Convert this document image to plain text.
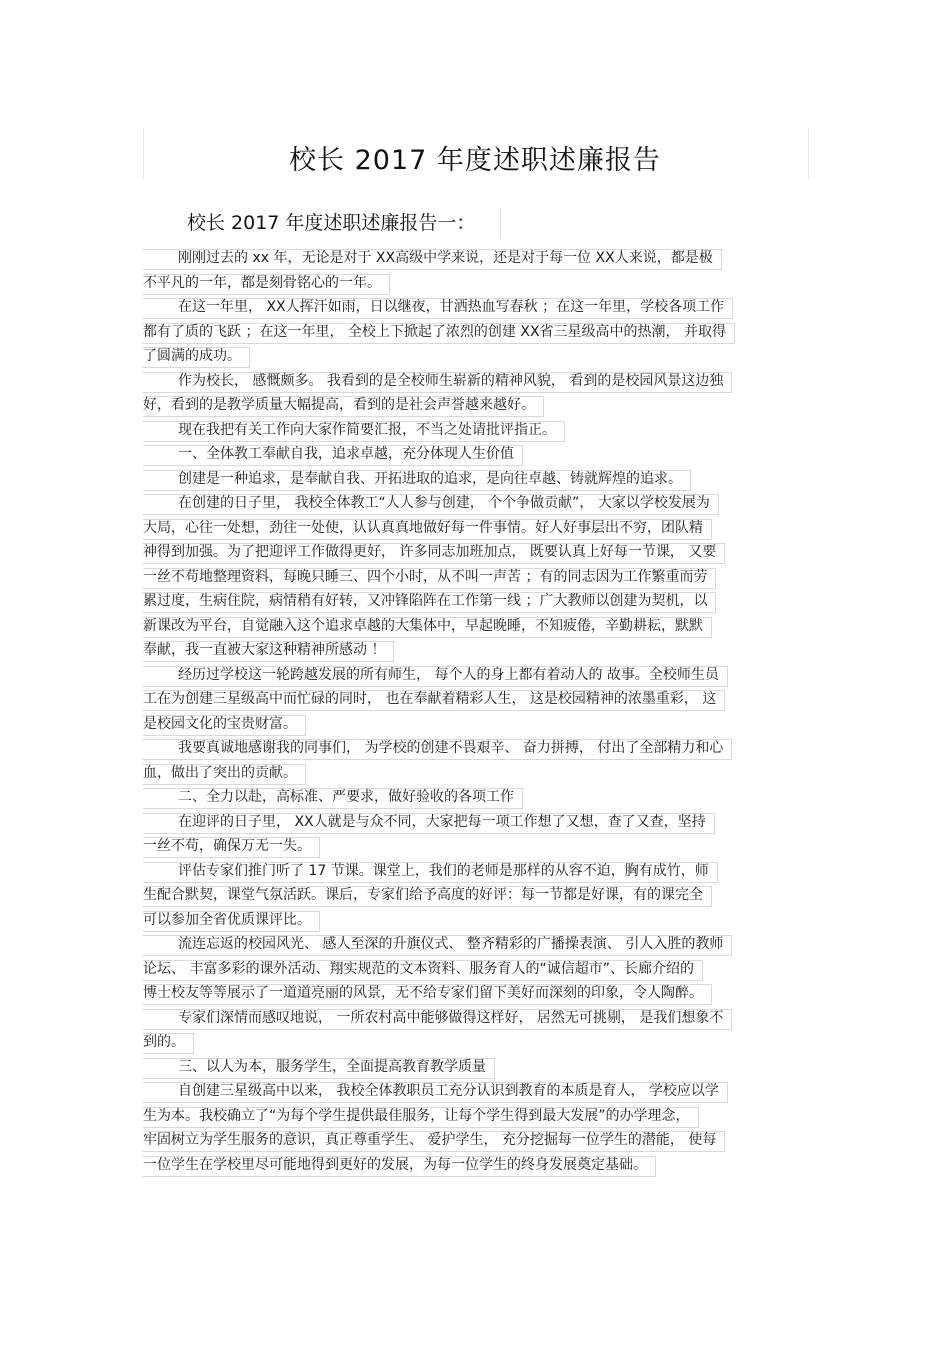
校长 2017 年度述职述廉报告
校长 2017 年度述职述廉报告一：
刚刚过去的 xx 年，无论是对于 XX高级中学来说，还是对于每一位 XX人来说，都是极
不平凡的一年，都是刻骨铭心的一年。
在这一年里， XX人挥汗如雨，日以继夜，甘洒热血写春秋 ；在这一年里，学校各项工作
都有了质的飞跃 ；在这一年里， 全校上下掀起了浓烈的创建 XX省三星级高中的热潮， 并取得
了圆满的成功。
作为校长， 感慨颇多。 我看到的是全校师生崭新的精神风貌， 看到的是校园风景这边独
好，看到的是教学质量大幅提高，看到的是社会声誉越来越好。
现在我把有关工作向大家作简要汇报，不当之处请批评指正。
一、全体教工奉献自我，追求卓越，充分体现人生价值
创建是一种追求，是奉献自我、开拓进取的追求，是向往卓越、铸就辉煌的追求。
在创建的日子里， 我校全体教工“人人参与创建， 个个争做贡献”， 大家以学校发展为
大局，心往一处想，劲往一处使，认认真真地做好每一件事情。好人好事层出不穷，团队精
神得到加强。为了把迎评工作做得更好， 许多同志加班加点， 既要认真上好每一节课， 又要
一丝不苟地整理资料，每晚只睡三、四个小时，从不叫一声苦 ；有的同志因为工作繁重而劳
累过度，生病住院，病情稍有好转，又冲锋陷阵在工作第一线 ；广大教师以创建为契机，以
新课改为平台，自觉融入这个追求卓越的大集体中，早起晚睡，不知疲倦，辛勤耕耘，默默
奉献，我一直被大家这种精神所感动 ！
经历过学校这一轮跨越发展的所有师生， 每个人的身上都有着动人的 故事。全校师生员
工在为创建三星级高中而忙碌的同时， 也在奉献着精彩人生， 这是校园精神的浓墨重彩， 这
是校园文化的宝贵财富。
我要真诚地感谢我的同事们， 为学校的创建不畏艰辛、 奋力拼搏， 付出了全部精力和心
血，做出了突出的贡献。
二、全力以赴，高标准、严要求，做好验收的各项工作
在迎评的日子里， XX人就是与众不同，大家把每一项工作想了又想，查了又查，坚持
一丝不苟，确保万无一失。
评估专家们推门听了 17 节课。课堂上，我们的老师是那样的从容不迫，胸有成竹，师
生配合默契，课堂气氛活跃。课后，专家们给予高度的好评：每一节都是好课，有的课完全
可以参加全省优质课评比。
流连忘返的校园风光、 感人至深的升旗仪式、 整齐精彩的广播操表演、 引人入胜的教师
论坛、 丰富多彩的课外活动、翔实规范的文本资料、服务育人的“诚信超市”、长廊介绍的
博士校友等等展示了一道道亮丽的风景，无不给专家们留下美好而深刻的印象，令人陶醉。
专家们深情而感叹地说， 一所农村高中能够做得这样好， 居然无可挑剔， 是我们想象不
到的。
三、以人为本，服务学生，全面提高教育教学质量
自创建三星级高中以来， 我校全体教职员工充分认识到教育的本质是育人， 学校应以学
生为本。我校确立了“为每个学生提供最佳服务，让每个学生得到最大发展”的办学理念，
牢固树立为学生服务的意识，真正尊重学生、 爱护学生， 充分挖掘每一位学生的潜能， 使每
一位学生在学校里尽可能地得到更好的发展，为每一位学生的终身发展奠定基础。
